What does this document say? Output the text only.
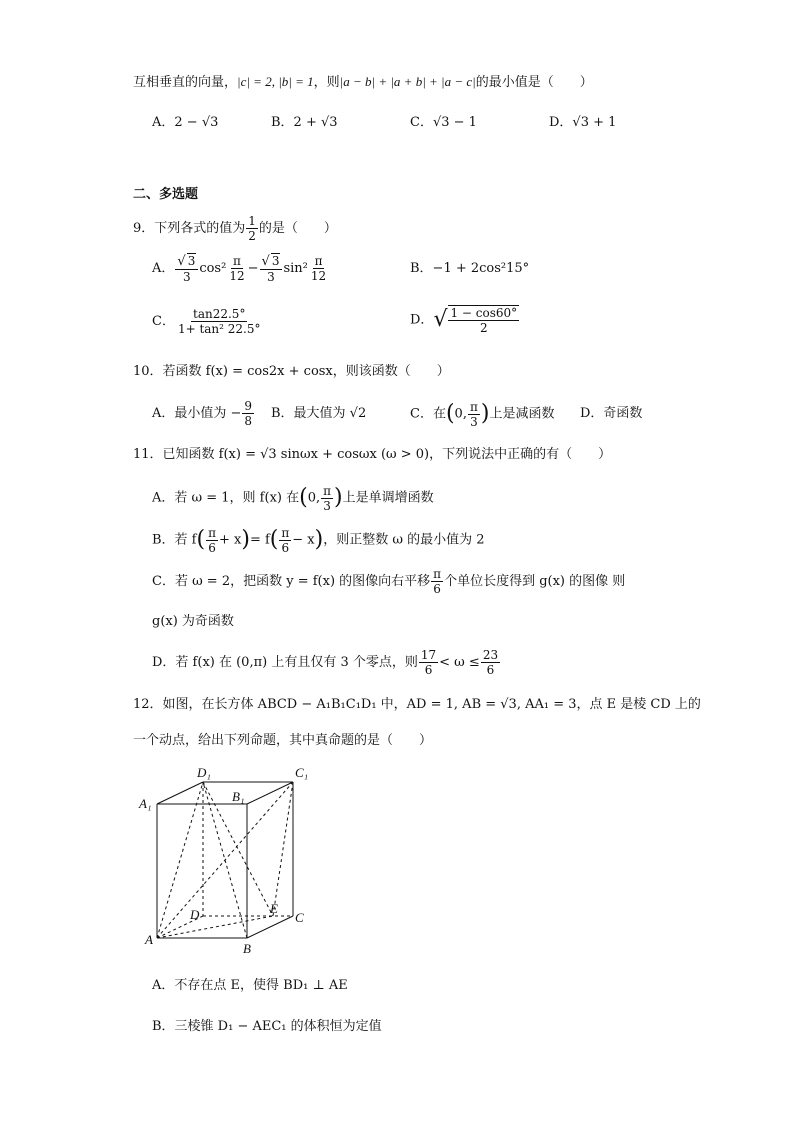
互相垂直的向量，|c| = 2, |b| = 1，则|a − b| + |a + b| + |a − c|的最小值是（　　）
A．2 − √3	B．2 + √3	C．√3 − 1	D．√3 + 1
二、多选题
9．下列各式的值为 $\frac{1}{2}$ 的是（　　）
A． $\frac{√ 3}{3} \cos^2 \frac{\pi}{12} - \frac{√ 3}{3} \sin^2 \frac{\pi}{12}$	B．−1 + 2cos²15°
C． $\frac{\tan 22.5^\circ}{\text{1+ tan² 22.5°}}$	D．√ $\frac{1 - \cos 60^\circ}{2}$
10．若函数 f(x) = cos2x + cosx，则该函数（　　）
A．最小值为 − $\frac{9}{8}$ B．最大值为 √2	C．在(0, $\frac{\pi}{3}$ )上是减函数 D．奇函数
11．已知函数 f(x) = √3 sinωx + cosωx (ω > 0)，下列说法中正确的有（　　）
A．若 ω = 1，则 f(x) 在(0, $\frac{\pi}{3}$ )上是单调增函数
B．若 $f( \frac{\pi}{6} + x)= f( \frac{\pi}{6} - x)$，则正整数 ω 的最小值为 2
C．若 ω = 2，把函数 y = f(x) 的图像向右平移 $\frac{\pi}{6}$ 个单位长度得到 g(x) 的图像 则
g(x) 为奇函数
D．若 f(x) 在 (0,π) 上有且仅有 3 个零点，则 $\frac{17}{6} < \omega \le \frac{23}{6}$
12．如图，在长方体 ABCD − A₁B₁C₁D₁ 中，AD = 1, AB = √3, AA₁ = 3，点 E 是棱 CD 上的
一个动点，给出下列命题，其中真命题的是（　　）
D₁	C₁
A₁	B₁
D	E
C
A
B
A．不存在点 E，使得 BD₁ ⊥ AE
B．三棱锥 D₁ − AEC₁ 的体积恒为定值
